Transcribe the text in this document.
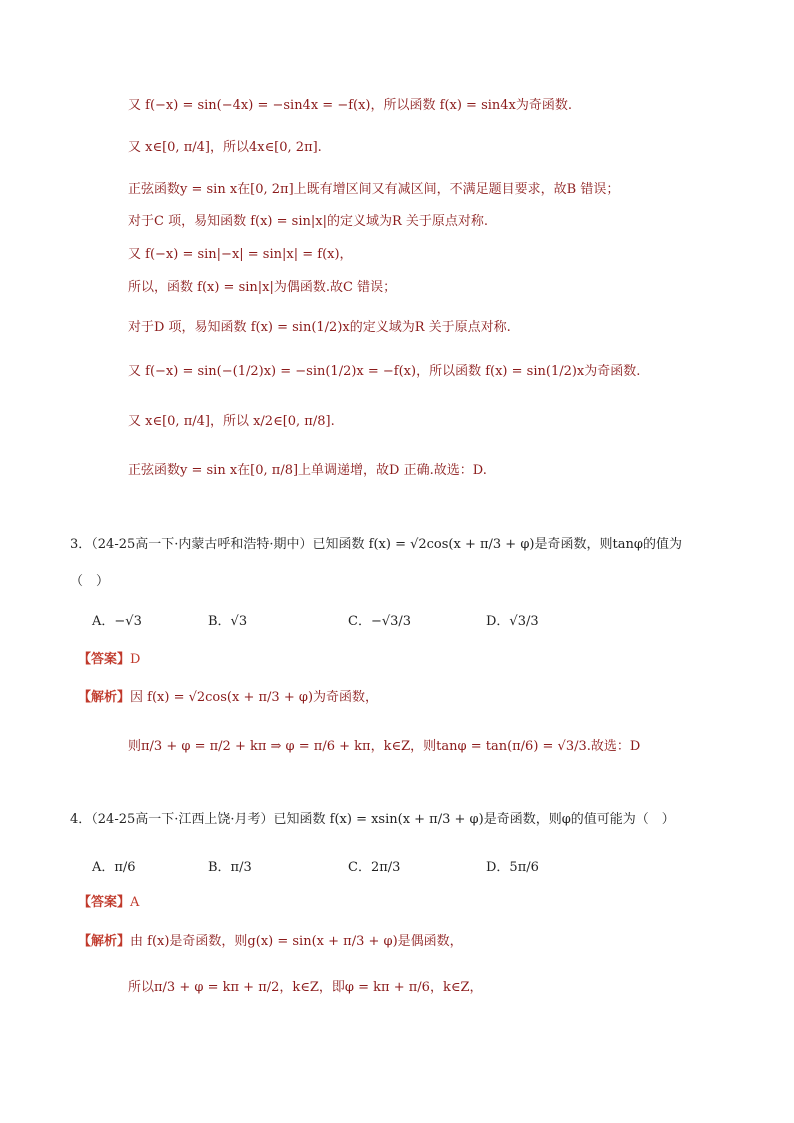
又 f(−x) = sin(−4x) = −sin4x = −f(x)，所以函数 f(x) = sin4x为奇函数.
又 x∈[0, π/4]，所以4x∈[0, 2π].
正弦函数y = sin x在[0, 2π]上既有增区间又有减区间，不满足题目要求，故B 错误；
对于C 项，易知函数 f(x) = sin|x|的定义域为R 关于原点对称.
又 f(−x) = sin|−x| = sin|x| = f(x)，
所以，函数 f(x) = sin|x|为偶函数.故C 错误；
对于D 项，易知函数 f(x) = sin(1/2)x的定义域为R 关于原点对称.
又 f(−x) = sin(−(1/2)x) = −sin(1/2)x = −f(x)，所以函数 f(x) = sin(1/2)x为奇函数.
又 x∈[0, π/4]，所以 x/2∈[0, π/8].
正弦函数y = sin x在[0, π/8]上单调递增，故D 正确.故选：D.
3．（24-25高一下·内蒙古呼和浩特·期中）已知函数 f(x) = √2cos(x + π/3 + φ)是奇函数，则tanφ的值为
（　）
A．−√3	B．√3	C．−√3/3	D．√3/3
【答案】D
【解析】因 f(x) = √2cos(x + π/3 + φ)为奇函数，
则π/3 + φ = π/2 + kπ ⇒ φ = π/6 + kπ，k∈Z，则tanφ = tan(π/6) = √3/3.故选：D
4．（24-25高一下·江西上饶·月考）已知函数 f(x) = xsin(x + π/3 + φ)是奇函数，则φ的值可能为（　）
A．π/6	B．π/3	C．2π/3	D．5π/6
【答案】A
【解析】由 f(x)是奇函数，则g(x) = sin(x + π/3 + φ)是偶函数，
所以π/3 + φ = kπ + π/2，k∈Z，即φ = kπ + π/6，k∈Z，
